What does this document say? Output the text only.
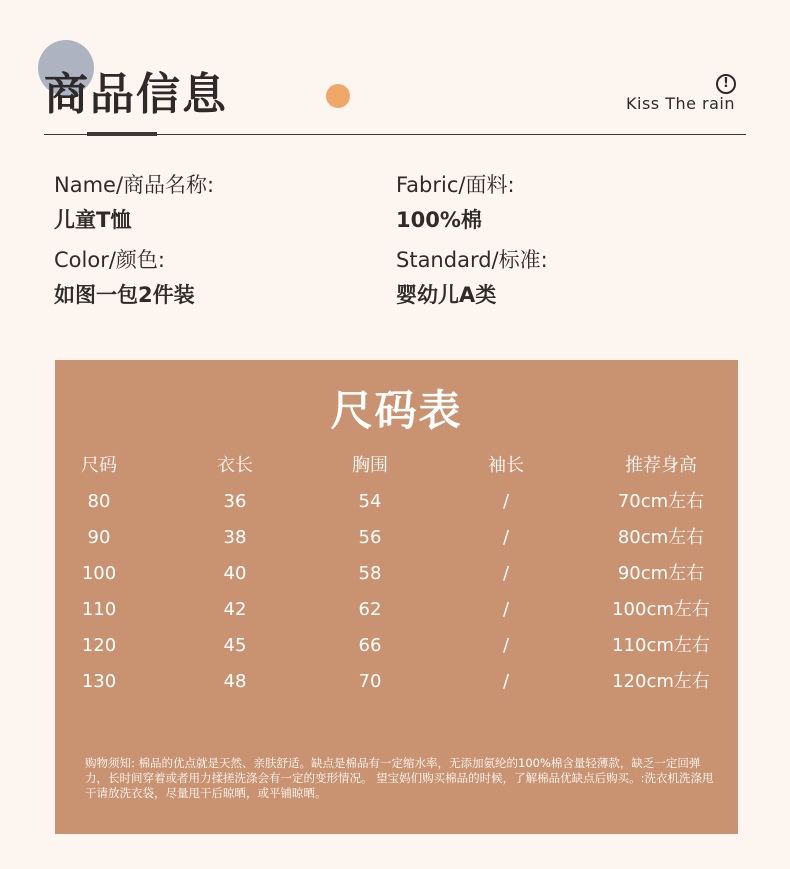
商品信息	!
Kiss The rain
Name/商品名称:
儿童T恤
Fabric/面料:
100%棉
Color/颜色:
如图一包2件装
Standard/标准:
婴幼儿A类
尺码表
尺码	衣长	胸围	袖长	推荐身高
80	36	54	/	70cm左右
90	38	56	/	80cm左右
100	40	58	/	90cm左右
110	42	62	/	100cm左右
120	45	66	/	110cm左右
130	48	70	/	120cm左右

购物须知: 棉品的优点就是天然、亲肤舒适。缺点是棉品有一定缩水率，无添加氨纶的100%棉含量轻薄款，缺乏一定回弹力，长时间穿着或者用力揉搓洗涤会有一定的变形情况。 望宝妈们购买棉品的时候，了解棉品优缺点后购买。:洗衣机洗涤甩干请放洗衣袋，尽量甩干后晾晒，或平铺晾晒。
